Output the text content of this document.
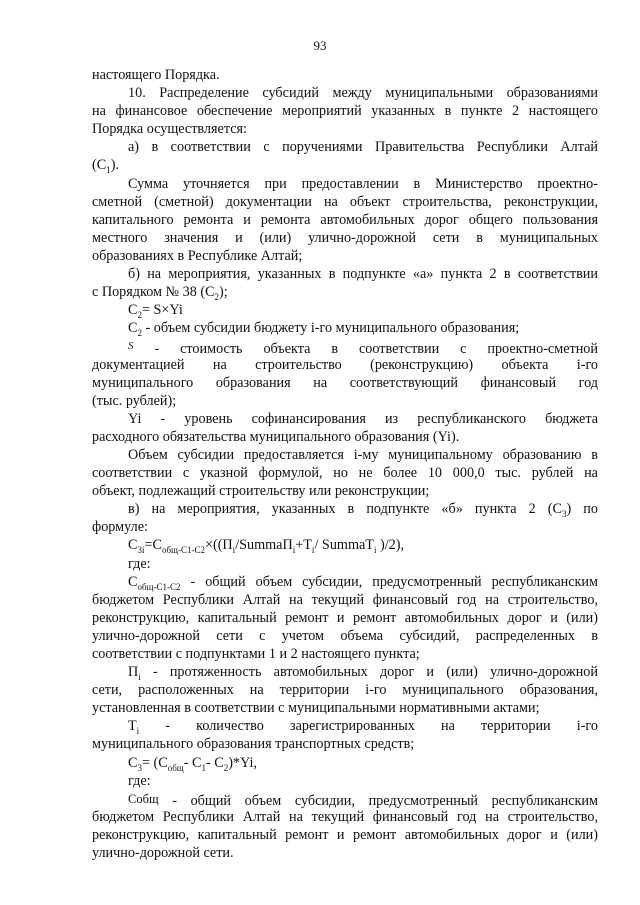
93
настоящего Порядка.
10. Распределение субсидий между муниципальными образованиями
на финансовое обеспечение мероприятий указанных в пункте 2 настоящего
Порядка осуществляется:
а) в соответствии с поручениями Правительства Республики Алтай
$(С_1)$.
Сумма уточняется при предоставлении в Министерство проектно-
сметной (сметной) документации на объект строительства, реконструкции,
капитального ремонта и ремонта автомобильных дорог общего пользования
местного значения и (или) улично-дорожной сети в муниципальных
образованиях в Республике Алтай;
б) на мероприятия, указанных в подпункте «а» пункта 2 в соответствии
с Порядком № 38 $(С_2)$;
$С_2= S\times Yi$
$С_2$ - объем субсидии бюджету i-го муниципального образования;
$^S$ - стоимость объекта в соответствии с проектно-сметной
документацией на строительство (реконструкцию) объекта i-го
муниципального образования на соответствующий финансовый год
(тыс. рублей);
Yi - уровень софинансирования из республиканского бюджета
расходного обязательства муниципального образования (Yi).
Объем субсидии предоставляется i-му муниципальному образованию в
соответствии с указной формулой, но не более 10 000,0 тыс. рублей на
объект, подлежащий строительству или реконструкции;
в) на мероприятия, указанных в подпункте «б» пункта 2 $(С_3)$ по
формуле:
$С_{3i}=С_{общ-С1-С2}\times((П_i/SummaП_i+Т_i/$ SummaТ$_i$ )/2),
где:
$С_{общ-С1-С2}$ - общий объем субсидии, предусмотренный республиканским
бюджетом Республики Алтай на текущий финансовый год на строительство,
реконструкцию, капитальный ремонт и ремонт автомобильных дорог и (или)
улично-дорожной сети с учетом объема субсидий, распределенных в
соответствии с подпунктами 1 и 2 настоящего пункта;
$П_i$ - протяженность автомобильных дорог и (или) улично-дорожной
сети, расположенных на территории i-го муниципального образования,
установленная в соответствии с муниципальными нормативными актами;
$Т_i$ - количество зарегистрированных на территории i-го
муниципального образования транспортных средств;
$С_3= (С_{общ}-$ $С_1-$ $С_2)*Yi$,
где:
Собщ - общий объем субсидии, предусмотренный республиканским
бюджетом Республики Алтай на текущий финансовый год на строительство,
реконструкцию, капитальный ремонт и ремонт автомобильных дорог и (или)
улично-дорожной сети.
